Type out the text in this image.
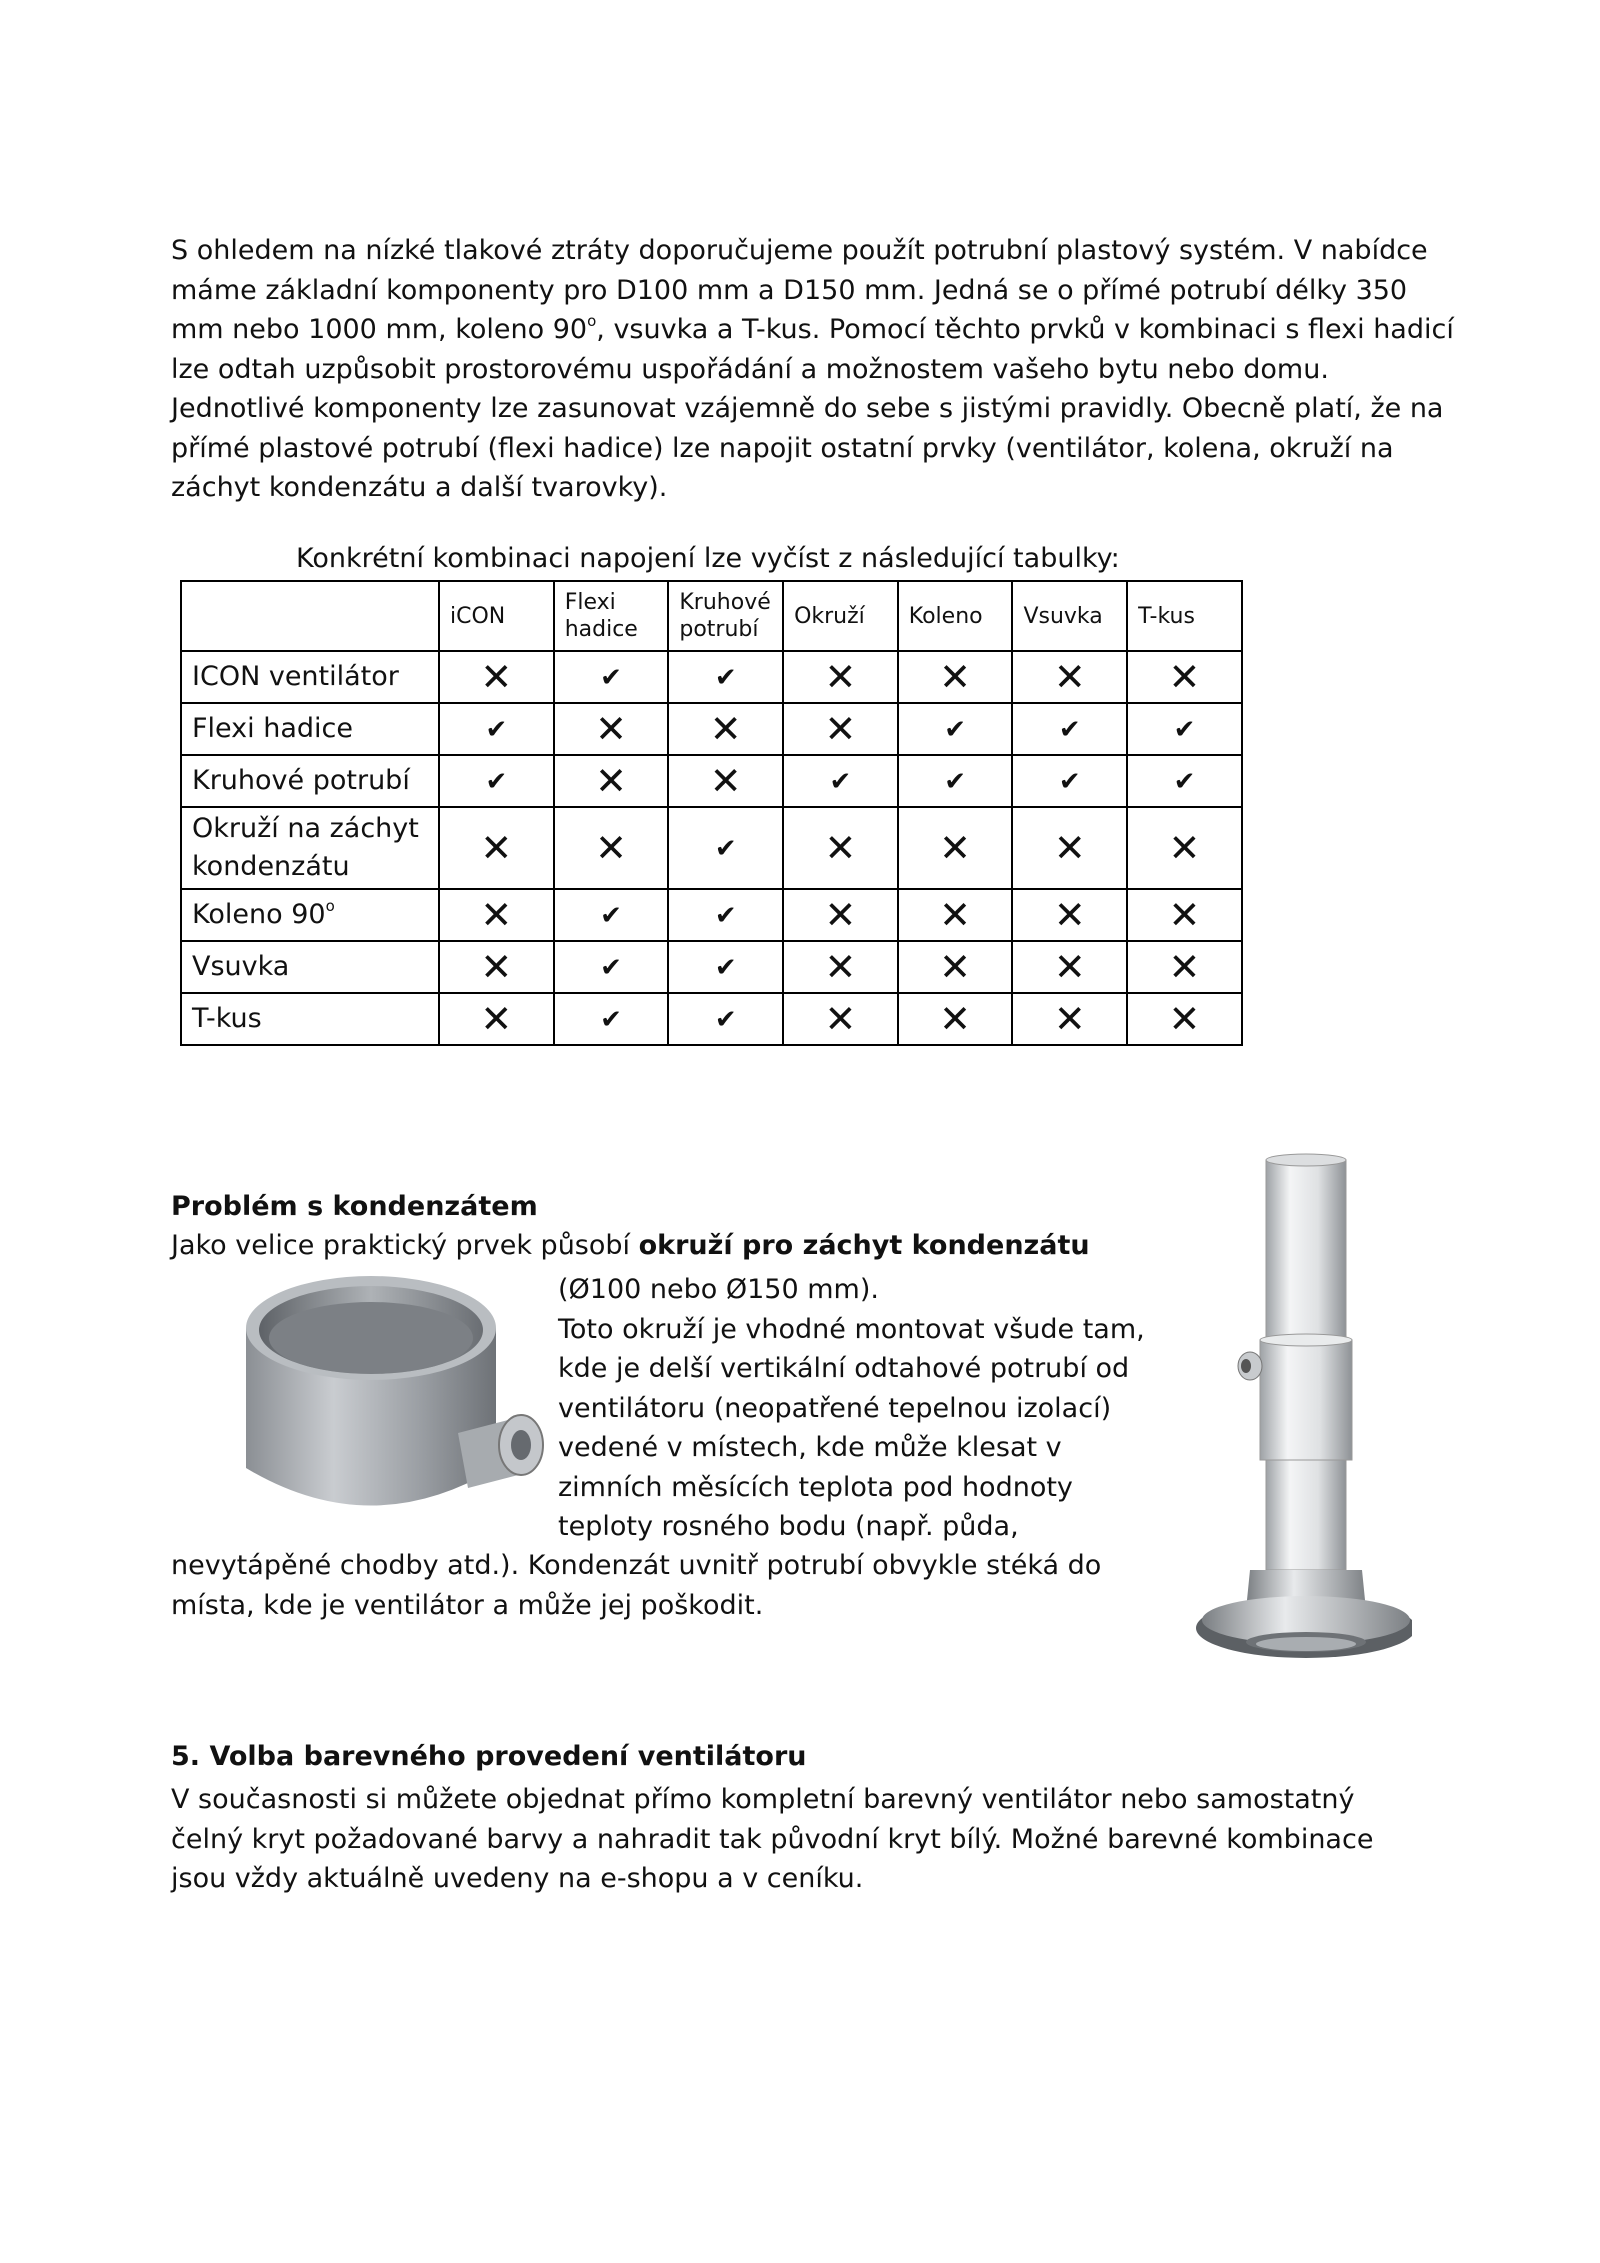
S ohledem na nízké tlakové ztráty doporučujeme použít potrubní plastový systém. V nabídce máme základní komponenty pro D100 mm a D150 mm. Jedná se o přímé potrubí délky 350 mm nebo 1000 mm, koleno 90$^o$, vsuvka a T-kus. Pomocí těchto prvků v kombinaci s flexi hadicí lze odtah uzpůsobit prostorovému uspořádání a možnostem vašeho bytu nebo domu. Jednotlivé komponenty lze zasunovat vzájemně do sebe s jistými pravidly. Obecně platí, že na přímé plastové potrubí (flexi hadice) lze napojit ostatní prvky (ventilátor, kolena, okruží na záchyt kondenzátu a další tvarovky).

Konkrétní kombinaci napojení lze vyčíst z následující tabulky:

	iCON	Flexi hadice	Kruhové potrubí	Okruží	Koleno	Vsuvka	T-kus
ICON ventilátor	✕	✔	✔	✕	✕	✕	✕
Flexi hadice	✔	✕	✕	✕	✔	✔	✔
Kruhové potrubí	✔	✕	✕	✔	✔	✔	✔
Okruží na záchyt kondenzátu	✕	✕	✔	✕	✕	✕	✕
Koleno 90$^o$	✕	✔	✔	✕	✕	✕	✕
Vsuvka	✕	✔	✔	✕	✕	✕	✕
T-kus	✕	✔	✔	✕	✕	✕	✕

Problém s kondenzátem

Jako velice praktický prvek působí okruží pro záchyt kondenzátu

(Ø100 nebo Ø150 mm).
Toto okruží je vhodné montovat všude tam,
kde je delší vertikální odtahové potrubí od
ventilátoru (neopatřené tepelnou izolací)
vedené v místech, kde může klesat v
zimních měsících teplota pod hodnoty
teploty rosného bodu (např. půda,
nevytápěné chodby atd.). Kondenzát uvnitř potrubí obvykle stéká do
místa, kde je ventilátor a může jej poškodit.

5. Volba barevného provedení ventilátoru

V současnosti si můžete objednat přímo kompletní barevný ventilátor nebo samostatný čelný kryt požadované barvy a nahradit tak původní kryt bílý. Možné barevné kombinace jsou vždy aktuálně uvedeny na e-shopu a v ceníku.
